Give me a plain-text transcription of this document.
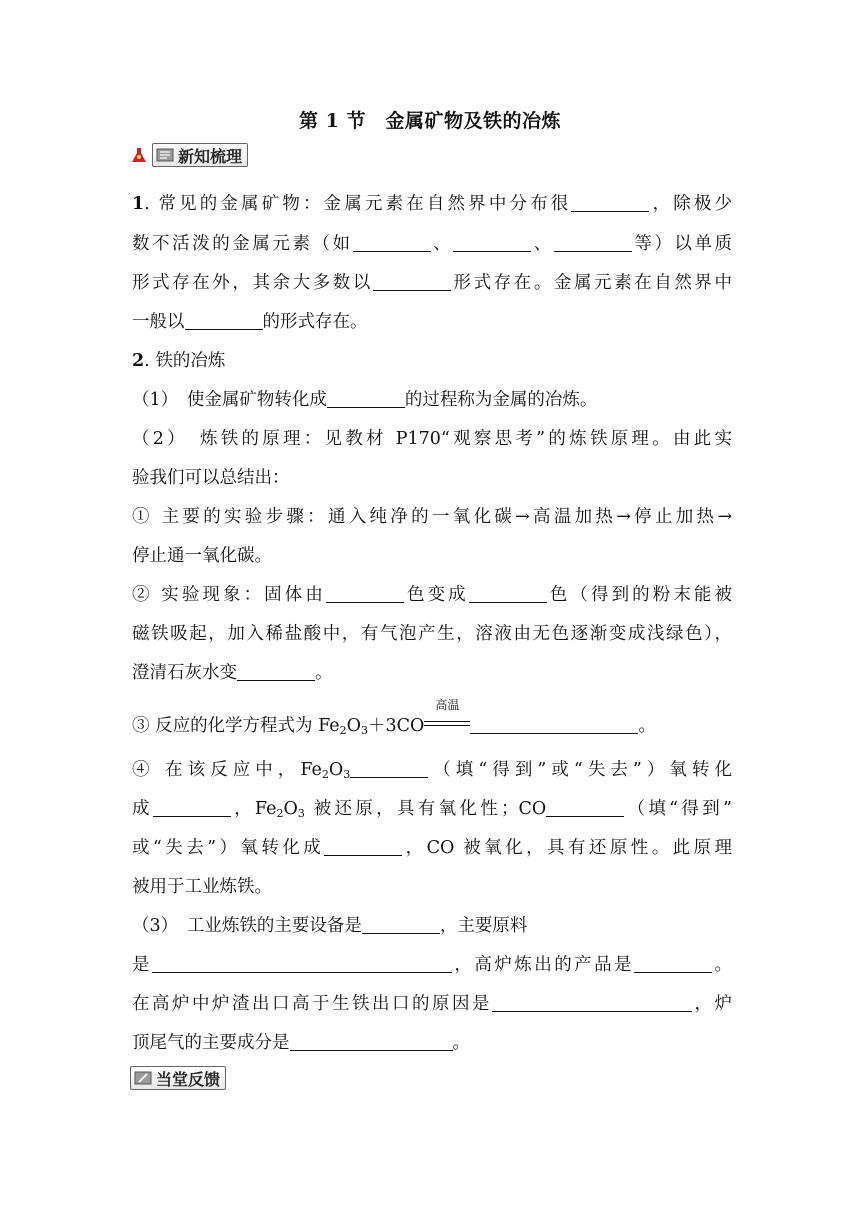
第 1 节　金属矿物及铁的冶炼
新知梳理
1. 常见的金属矿物：金属元素在自然界中分布很	，除极少
数不活泼的金属元素（如	、	、	等）以单质
形式存在外，其余大多数以	形式存在。金属元素在自然界中
一般以	的形式存在。
2. 铁的冶炼
（1）　使金属矿物转化成	的过程称为金属的冶炼。
（2）　炼铁的原理：见教材 P170“观察思考”的炼铁原理。由此实
验我们可以总结出：
① 主要的实验步骤：通入纯净的一氧化碳→高温加热→停止加热→
停止通一氧化碳。
② 实验现象：固体由	色变成	色（得到的粉末能被
磁铁吸起，加入稀盐酸中，有气泡产生，溶液由无色逐渐变成浅绿色），
澄清石灰水变	。
③ 反应的化学方程式为 $Fe_2O_3+3CO$
高温
。
④ 在该反应中，$Fe_2O_3$	（填“得到”或“失去”）氧转化
成	，$Fe_2O_3$ 被还原，具有氧化性；CO	（填“得到”
或“失去”）氧转化成	，CO 被氧化，具有还原性。此原理
被用于工业炼铁。
（3）　工业炼铁的主要设备是	，主要原料
是	，高炉炼出的产品是	。
在高炉中炉渣出口高于生铁出口的原因是	，炉
顶尾气的主要成分是	。
当堂反馈
